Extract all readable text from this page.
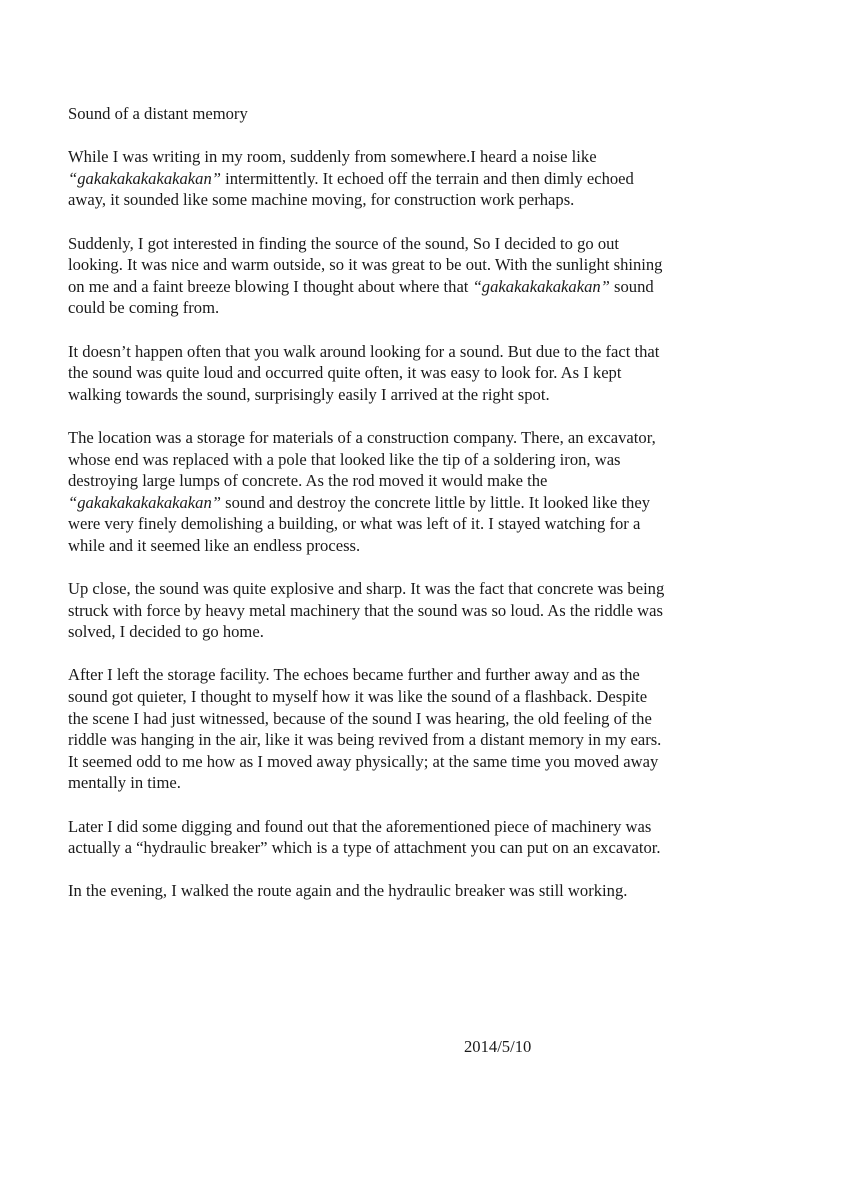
Sound of a distant memory

While I was writing in my room, suddenly from somewhere.I heard a noise like “gakakakakakakakan” intermittently. It echoed off the terrain and then dimly echoed away, it sounded like some machine moving, for construction work perhaps.

Suddenly, I got interested in finding the source of the sound, So I decided to go out looking. It was nice and warm outside, so it was great to be out. With the sunlight shining on me and a faint breeze blowing I thought about where that “gakakakakakakan” sound could be coming from.

It doesn’t happen often that you walk around looking for a sound. But due to the fact that the sound was quite loud and occurred quite often, it was easy to look for. As I kept walking towards the sound, surprisingly easily I arrived at the right spot.

The location was a storage for materials of a construction company. There, an excavator, whose end was replaced with a pole that looked like the tip of a soldering iron, was destroying large lumps of concrete. As the rod moved it would make the “gakakakakakakakan” sound and destroy the concrete little by little. It looked like they were very finely demolishing a building, or what was left of it. I stayed watching for a while and it seemed like an endless process.

Up close, the sound was quite explosive and sharp. It was the fact that concrete was being struck with force by heavy metal machinery that the sound was so loud. As the riddle was solved, I decided to go home.

After I left the storage facility. The echoes became further and further away and as the sound got quieter, I thought to myself how it was like the sound of a flashback. Despite the scene I had just witnessed, because of the sound I was hearing, the old feeling of the riddle was hanging in the air, like it was being revived from a distant memory in my ears. It seemed odd to me how as I moved away physically; at the same time you moved away mentally in time.

Later I did some digging and found out that the aforementioned piece of machinery was actually a “hydraulic breaker” which is a type of attachment you can put on an excavator.

In the evening, I walked the route again and the hydraulic breaker was still working.

2014/5/10
